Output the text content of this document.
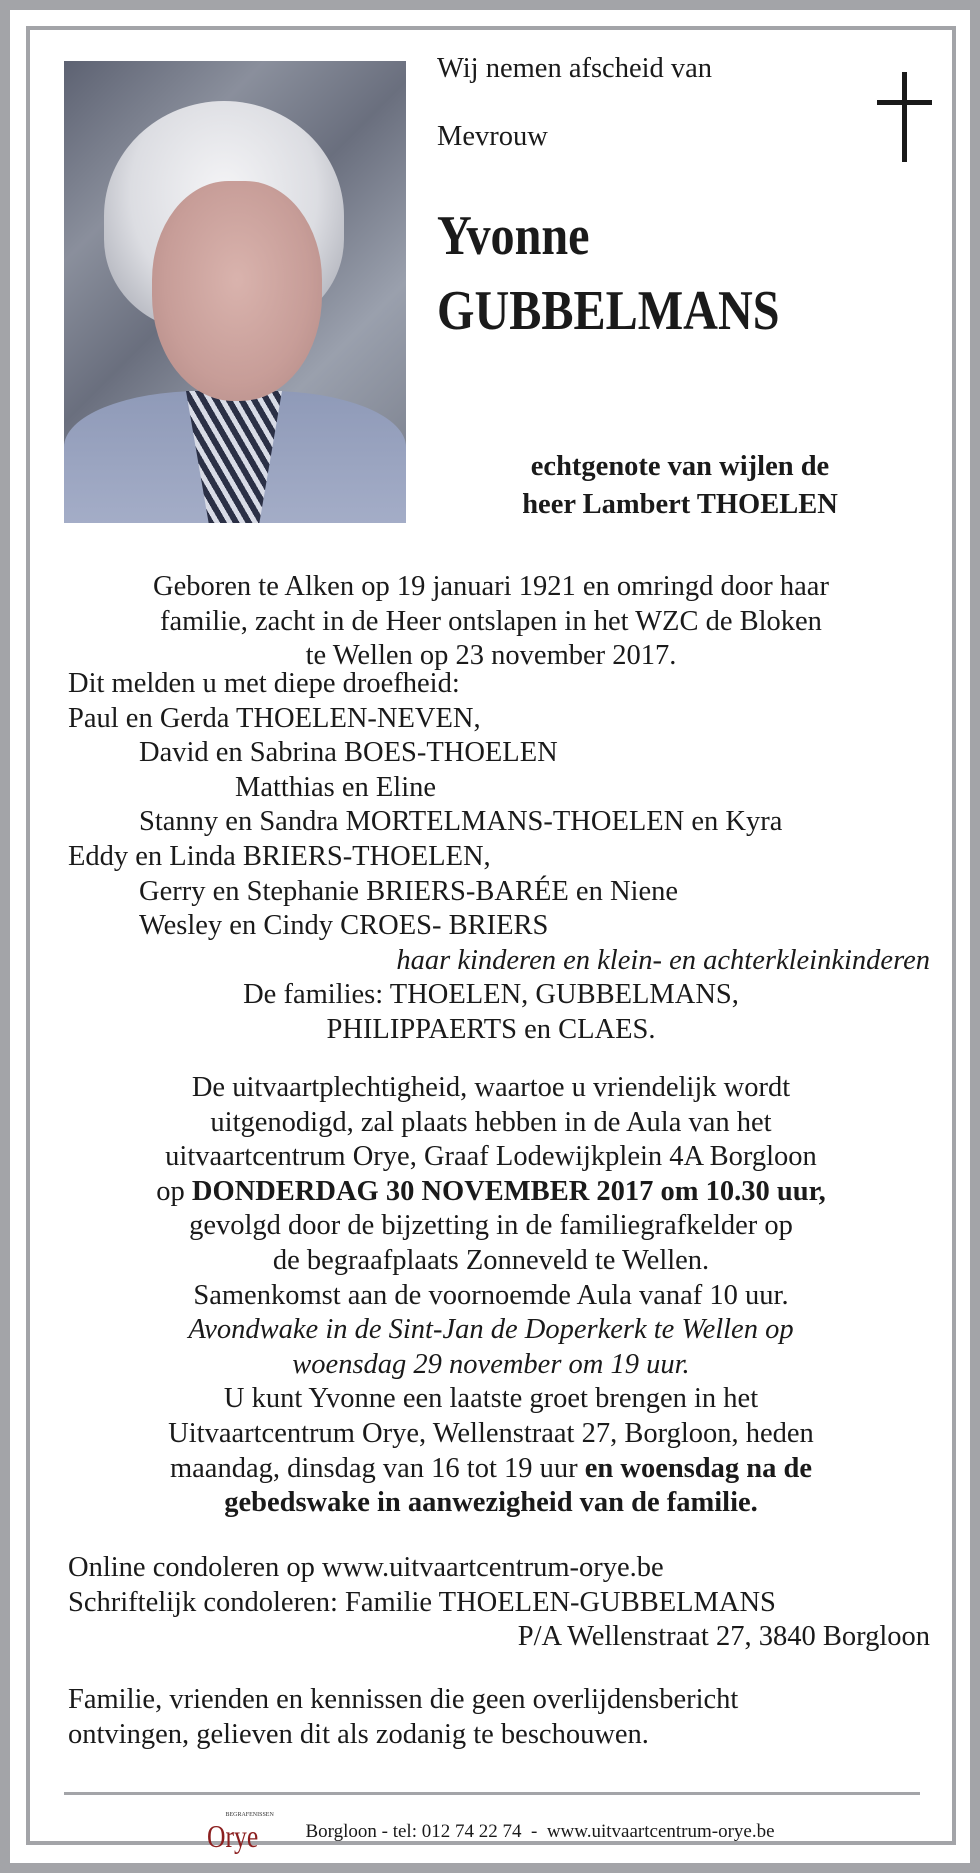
Wij nemen afscheid van
Mevrouw
Yvonne
GUBBELMANS
echtgenote van wijlen de
heer Lambert THOELEN
Geboren te Alken op 19 januari 1921 en omringd door haar
familie, zacht in de Heer ontslapen in het WZC de Bloken
te Wellen op 23 november 2017.
Dit melden u met diepe droefheid:
Paul en Gerda THOELEN-NEVEN,
David en Sabrina BOES-THOELEN
Matthias en Eline
Stanny en Sandra MORTELMANS-THOELEN en Kyra
Eddy en Linda BRIERS-THOELEN,
Gerry en Stephanie BRIERS-BARÉE en Niene
Wesley en Cindy CROES- BRIERS
haar kinderen en klein- en achterkleinkinderen
De families: THOELEN, GUBBELMANS,
PHILIPPAERTS en CLAES.
De uitvaartplechtigheid, waartoe u vriendelijk wordt
uitgenodigd, zal plaats hebben in de Aula van het
uitvaartcentrum Orye, Graaf Lodewijkplein 4A Borgloon
op DONDERDAG 30 NOVEMBER 2017 om 10.30 uur,
gevolgd door de bijzetting in de familiegrafkelder op
de begraafplaats Zonneveld te Wellen.
Samenkomst aan de voornoemde Aula vanaf 10 uur.
Avondwake in de Sint-Jan de Doperkerk te Wellen op
woensdag 29 november om 19 uur.
U kunt Yvonne een laatste groet brengen in het
Uitvaartcentrum Orye, Wellenstraat 27, Borgloon, heden
maandag, dinsdag van 16 tot 19 uur en woensdag na de
gebedswake in aanwezigheid van de familie.
Online condoleren op www.uitvaartcentrum-orye.be
Schriftelijk condoleren: Familie THOELEN-GUBBELMANS
P/A Wellenstraat 27, 3840 Borgloon
Familie, vrienden en kennissen die geen overlijdensbericht
ontvingen, gelieven dit als zodanig te beschouwen.
BEGRAFENISSEN
Orye Borgloon - tel: 012 74 22 74  -  www.uitvaartcentrum-orye.be
